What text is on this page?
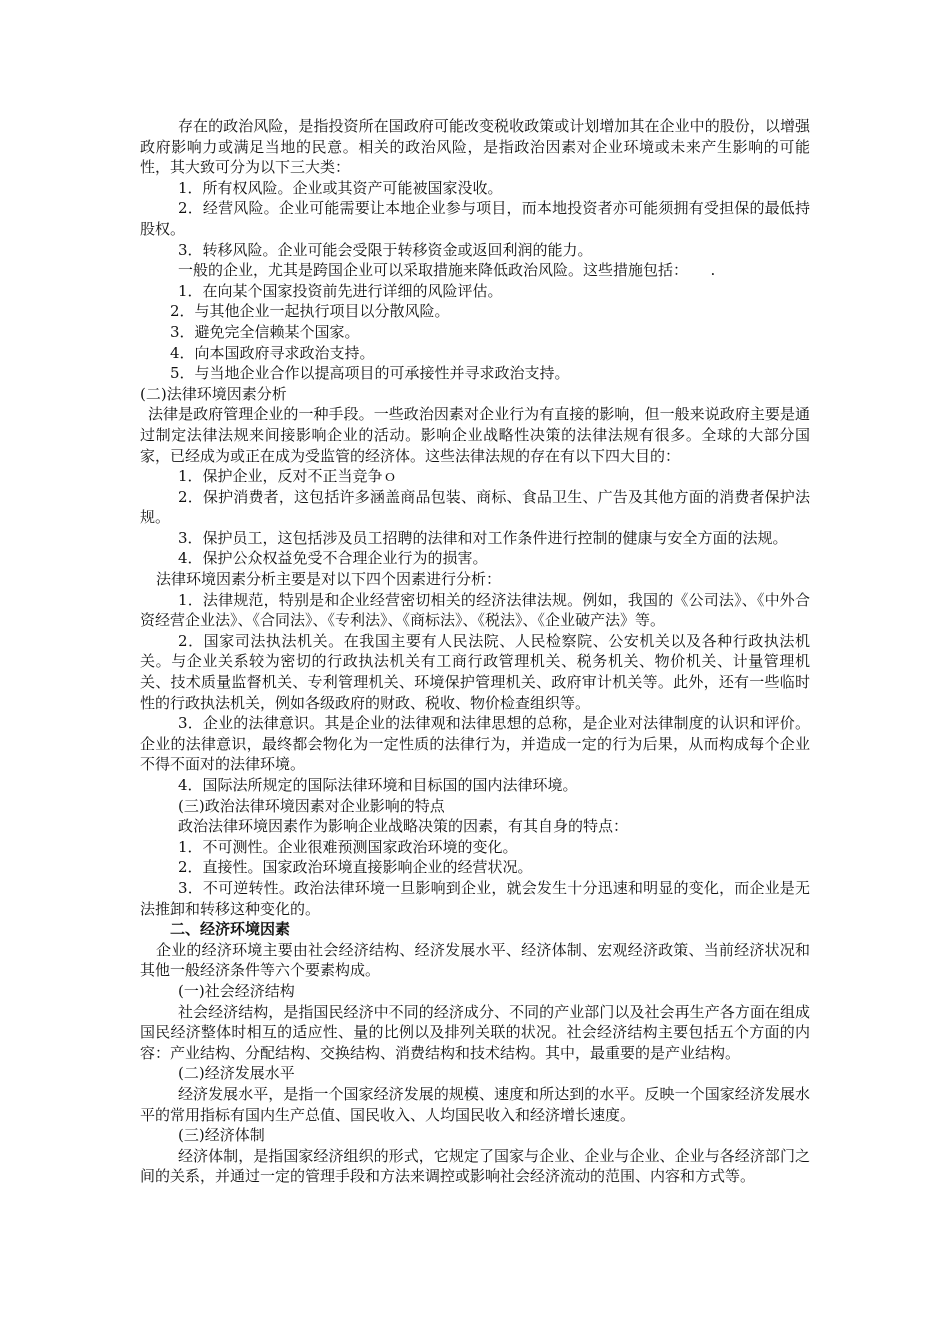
存在的政治风险，是指投资所在国政府可能改变税收政策或计划增加其在企业中的股份，以增强政府影响力或满足当地的民意。相关的政治风险，是指政治因素对企业环境或未来产生影响的可能性，其大致可分为以下三大类：

1．所有权风险。企业或其资产可能被国家没收。

2．经营风险。企业可能需要让本地企业参与项目，而本地投资者亦可能须拥有受担保的最低持股权。

3．转移风险。企业可能会受限于转移资金或返回利润的能力。

一般的企业，尤其是跨国企业可以采取措施来降低政治风险。这些措施包括：　　.

1．在向某个国家投资前先进行详细的风险评估。

2．与其他企业一起执行项目以分散风险。

3．避免完全信赖某个国家。

4．向本国政府寻求政治支持。

5．与当地企业合作以提高项目的可承接性并寻求政治支持。

(二)法律环境因素分析

法律是政府管理企业的一种手段。一些政治因素对企业行为有直接的影响，但一般来说政府主要是通过制定法律法规来间接影响企业的活动。影响企业战略性决策的法律法规有很多。全球的大部分国家，已经成为或正在成为受监管的经济体。这些法律法规的存在有以下四大目的：

1．保护企业，反对不正当竞争ｏ

2．保护消费者，这包括许多涵盖商品包装、商标、食品卫生、广告及其他方面的消费者保护法规。

3．保护员工，这包括涉及员工招聘的法律和对工作条件进行控制的健康与安全方面的法规。

4．保护公众权益免受不合理企业行为的损害。

法律环境因素分析主要是对以下四个因素进行分析：

1．法律规范，特别是和企业经营密切相关的经济法律法规。例如，我国的《公司法》、《中外合资经营企业法》、《合同法》、《专利法》、《商标法》、《税法》、《企业破产法》等。

2．国家司法执法机关。在我国主要有人民法院、人民检察院、公安机关以及各种行政执法机关。与企业关系较为密切的行政执法机关有工商行政管理机关、税务机关、物价机关、计量管理机关、技术质量监督机关、专利管理机关、环境保护管理机关、政府审计机关等。此外，还有一些临时性的行政执法机关，例如各级政府的财政、税收、物价检查组织等。

3．企业的法律意识。其是企业的法律观和法律思想的总称，是企业对法律制度的认识和评价。企业的法律意识，最终都会物化为一定性质的法律行为，并造成一定的行为后果，从而构成每个企业不得不面对的法律环境。

4．国际法所规定的国际法律环境和目标国的国内法律环境。

(三)政治法律环境因素对企业影响的特点

政治法律环境因素作为影响企业战略决策的因素，有其自身的特点：

1．不可测性。企业很难预测国家政治环境的变化。

2．直接性。国家政治环境直接影响企业的经营状况。

3．不可逆转性。政治法律环境一旦影响到企业，就会发生十分迅速和明显的变化，而企业是无法推卸和转移这种变化的。

二、经济环境因素

企业的经济环境主要由社会经济结构、经济发展水平、经济体制、宏观经济政策、当前经济状况和其他一般经济条件等六个要素构成。

(一)社会经济结构

社会经济结构，是指国民经济中不同的经济成分、不同的产业部门以及社会再生产各方面在组成国民经济整体时相互的适应性、量的比例以及排列关联的状况。社会经济结构主要包括五个方面的内容：产业结构、分配结构、交换结构、消费结构和技术结构。其中，最重要的是产业结构。

(二)经济发展水平

经济发展水平，是指一个国家经济发展的规模、速度和所达到的水平。反映一个国家经济发展水平的常用指标有国内生产总值、国民收入、人均国民收入和经济增长速度。

(三)经济体制

经济体制，是指国家经济组织的形式，它规定了国家与企业、企业与企业、企业与各经济部门之间的关系，并通过一定的管理手段和方法来调控或影响社会经济流动的范围、内容和方式等。
